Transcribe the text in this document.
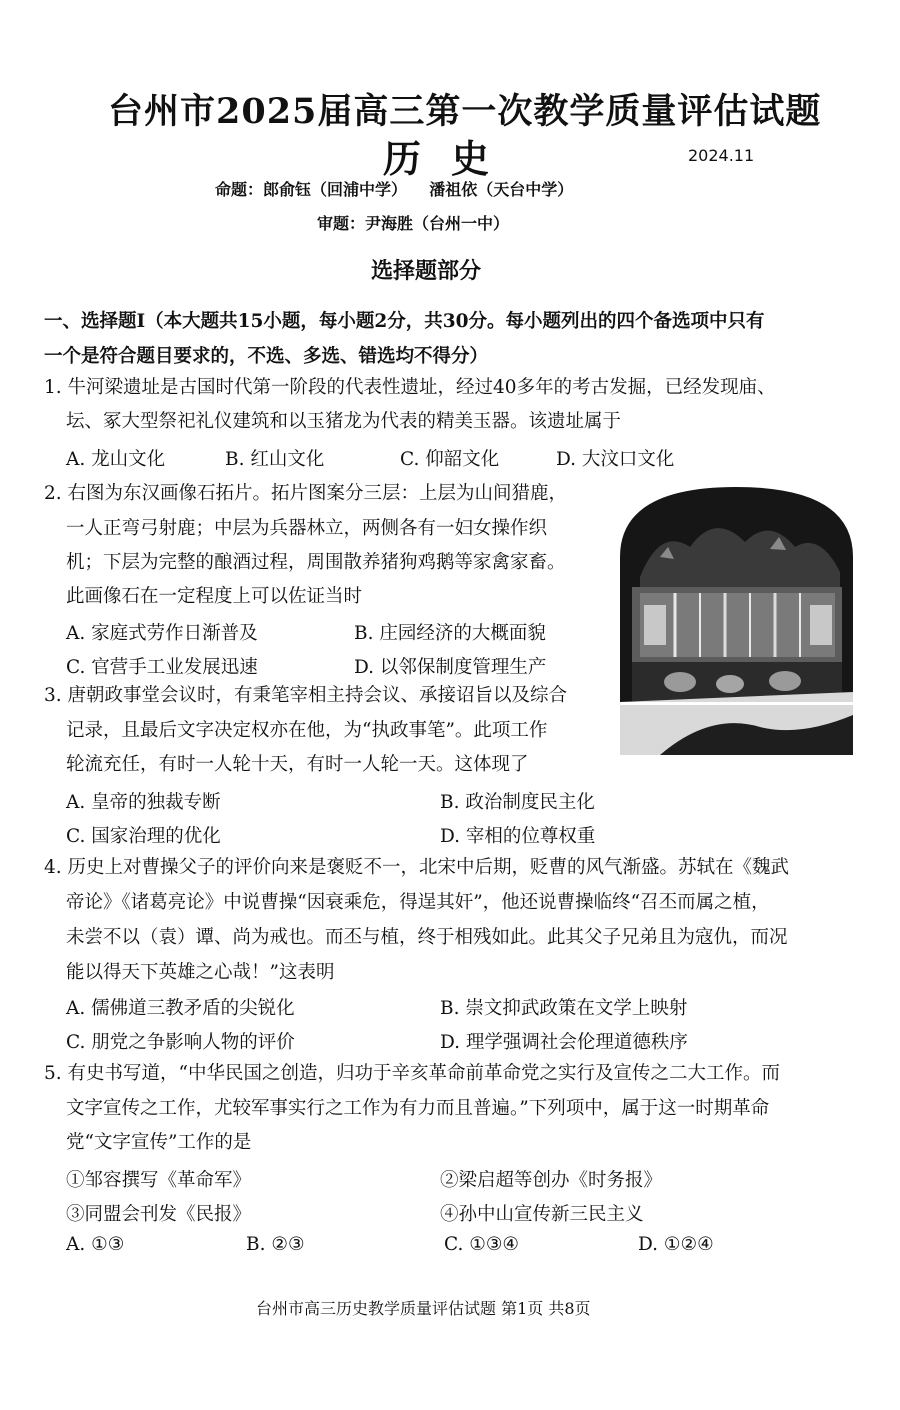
台州市2025届高三第一次教学质量评估试题
历史	2024.11
命题：郎俞钰（回浦中学）    潘祖依（天台中学）
审题：尹海胜（台州一中）
选择题部分
一、选择题Ⅰ（本大题共15小题，每小题2分，共30分。每小题列出的四个备选项中只有
一个是符合题目要求的，不选、多选、错选均不得分）
1. 牛河梁遗址是古国时代第一阶段的代表性遗址，经过40多年的考古发掘，已经发现庙、
坛、冢大型祭祀礼仪建筑和以玉猪龙为代表的精美玉器。该遗址属于
A. 龙山文化	B. 红山文化	C. 仰韶文化	D. 大汶口文化
2. 右图为东汉画像石拓片。拓片图案分三层：上层为山间猎鹿，
一人正弯弓射鹿；中层为兵器林立，两侧各有一妇女操作织
机；下层为完整的酿酒过程，周围散养猪狗鸡鹅等家禽家畜。
此画像石在一定程度上可以佐证当时
A. 家庭式劳作日渐普及	B. 庄园经济的大概面貌
C. 官营手工业发展迅速	D. 以邻保制度管理生产
3. 唐朝政事堂会议时，有秉笔宰相主持会议、承接诏旨以及综合
记录，且最后文字决定权亦在他，为“执政事笔”。此项工作
轮流充任，有时一人轮十天，有时一人轮一天。这体现了
A. 皇帝的独裁专断	B. 政治制度民主化
C. 国家治理的优化	D. 宰相的位尊权重
4. 历史上对曹操父子的评价向来是褒贬不一，北宋中后期，贬曹的风气渐盛。苏轼在《魏武
帝论》《诸葛亮论》中说曹操“因衰乘危，得逞其奸”，他还说曹操临终“召丕而属之植，
未尝不以（袁）谭、尚为戒也。而丕与植，终于相残如此。此其父子兄弟且为寇仇，而况
能以得天下英雄之心哉！”这表明
A. 儒佛道三教矛盾的尖锐化	B. 崇文抑武政策在文学上映射
C. 朋党之争影响人物的评价	D. 理学强调社会伦理道德秩序
5. 有史书写道，“中华民国之创造，归功于辛亥革命前革命党之实行及宣传之二大工作。而
文字宣传之工作，尤较军事实行之工作为有力而且普遍。”下列项中，属于这一时期革命
党“文字宣传”工作的是
①邹容撰写《革命军》	②梁启超等创办《时务报》
③同盟会刊发《民报》	④孙中山宣传新三民主义
A. ①③	B. ②③	C. ①③④	D. ①②④
台州市高三历史教学质量评估试题 第1页 共8页
